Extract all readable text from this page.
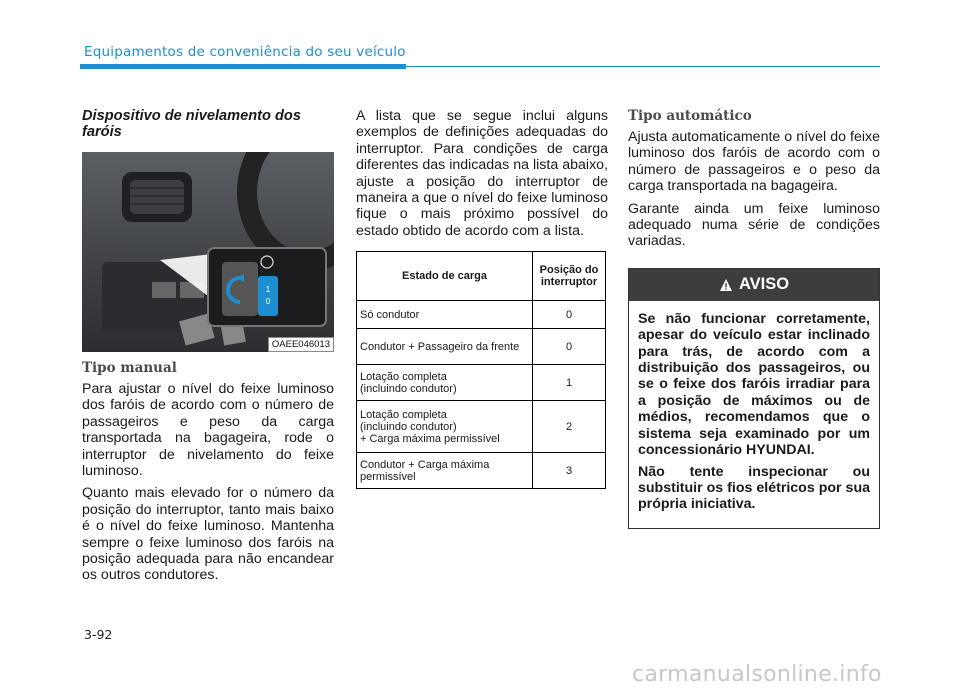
Equipamentos de conveniência do seu veículo
Dispositivo de nivelamento dos faróis
1
0
OAEE046013
Tipo manual

Para ajustar o nível do feixe luminoso dos faróis de acordo com o número de passageiros e peso da carga transportada na bagageira, rode o interruptor de nivelamento do feixe luminoso.

Quanto mais elevado for o número da posição do interruptor, tanto mais baixo é o nível do feixe luminoso. Mantenha sempre o feixe luminoso dos faróis na posição adequada para não encandear os outros condutores.

A lista que se segue inclui alguns exemplos de definições adequadas do interruptor. Para condições de carga diferentes das indicadas na lista abaixo, ajuste a posição do interruptor de maneira a que o nível do feixe luminoso fique o mais próximo possível do estado obtido de acordo com a lista.

Estado de carga	Posição do interruptor
Só condutor	0
Condutor + Passageiro da frente	0
Lotação completa
(incluindo condutor)	1
Lotação completa
(incluindo condutor)
+ Carga máxima permissível	2
Condutor + Carga máxima permissível	3
Tipo automático

Ajusta automaticamente o nível do feixe luminoso dos faróis de acordo com o número de passageiros e o peso da carga transportada na bagageira.

Garante ainda um feixe luminoso adequado numa série de condições variadas.

AVISO

Se não funcionar corretamente, apesar do veículo estar inclinado para trás, de acordo com a distribuição dos passageiros, ou se o feixe dos faróis irradiar para a posição de máximos ou de médios, recomendamos que o sistema seja examinado por um concessionário HYUNDAI.

Não tente inspecionar ou substituir os fios elétricos por sua própria iniciativa.

3-92
carmanualsonline.info
